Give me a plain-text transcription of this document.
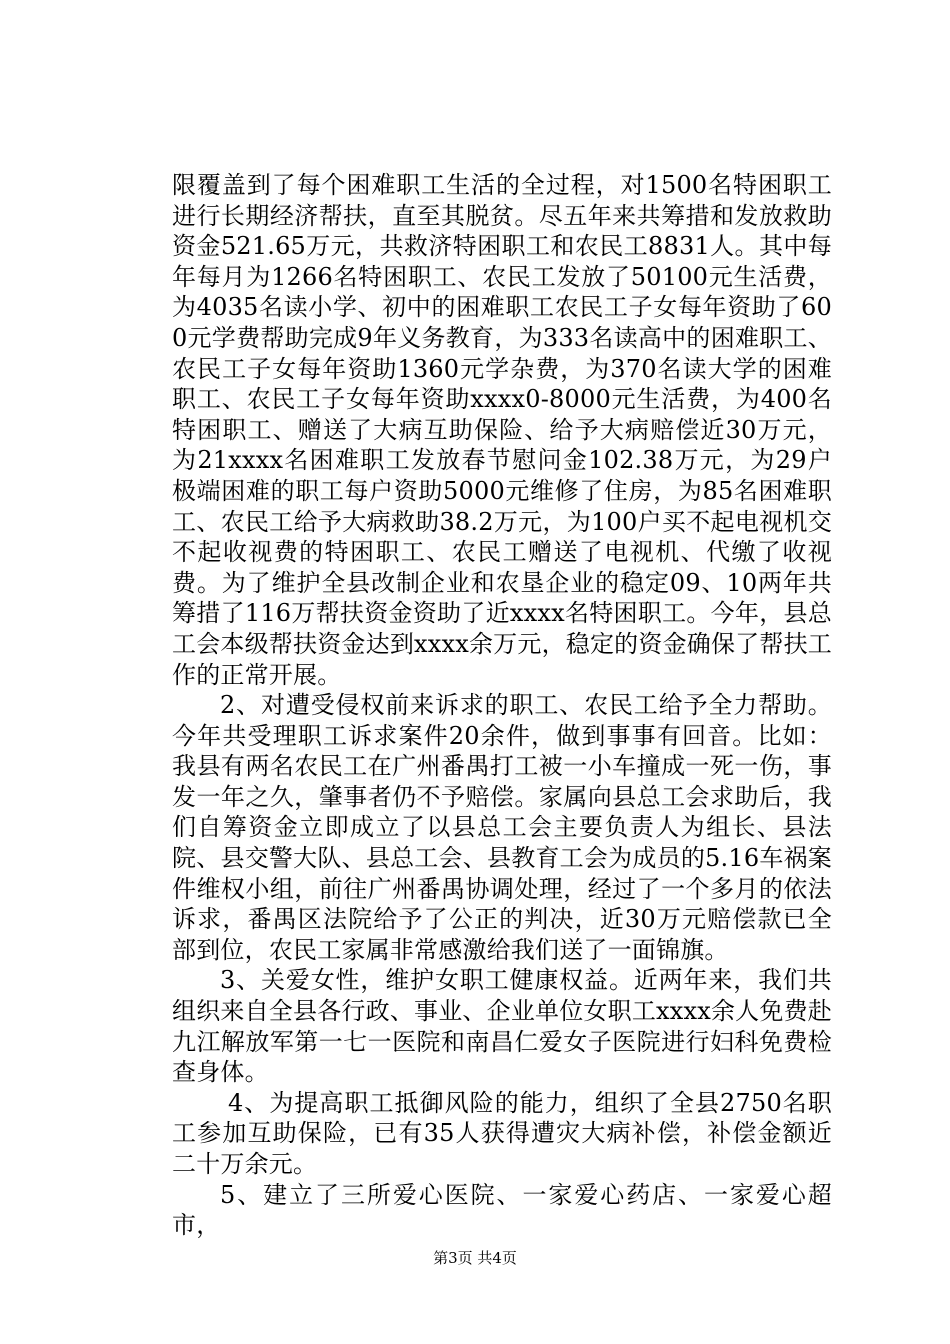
限覆盖到了每个困难职工生活的全过程，对1500名特困职工进行长期经济帮扶，直至其脱贫。尽五年来共筹措和发放救助资金521.65万元，共救济特困职工和农民工8831人。其中每年每月为1266名特困职工、农民工发放了50100元生活费，为4035名读小学、初中的困难职工农民工子女每年资助了600元学费帮助完成9年义务教育，为333名读高中的困难职工、农民工子女每年资助1360元学杂费，为370名读大学的困难职工、农民工子女每年资助xxxx0-8000元生活费，为400名特困职工、赠送了大病互助保险、给予大病赔偿近30万元，为21xxxx名困难职工发放春节慰问金102.38万元，为29户极端困难的职工每户资助5000元维修了住房，为85名困难职工、农民工给予大病救助38.2万元，为100户买不起电视机交不起收视费的特困职工、农民工赠送了电视机、代缴了收视费。为了维护全县改制企业和农垦企业的稳定09、10两年共筹措了116万帮扶资金资助了近xxxx名特困职工。今年，县总工会本级帮扶资金达到xxxx余万元，稳定的资金确保了帮扶工作的正常开展。

2、对遭受侵权前来诉求的职工、农民工给予全力帮助。今年共受理职工诉求案件20余件，做到事事有回音。比如：我县有两名农民工在广州番禺打工被一小车撞成一死一伤，事发一年之久，肇事者仍不予赔偿。家属向县总工会求助后，我们自筹资金立即成立了以县总工会主要负责人为组长、县法院、县交警大队、县总工会、县教育工会为成员的5.16车祸案件维权小组，前往广州番禺协调处理，经过了一个多月的依法诉求，番禺区法院给予了公正的判决，近30万元赔偿款已全部到位，农民工家属非常感激给我们送了一面锦旗。

3、关爱女性，维护女职工健康权益。近两年来，我们共组织来自全县各行政、事业、企业单位女职工xxxx余人免费赴九江解放军第一七一医院和南昌仁爱女子医院进行妇科免费检查身体。

4、为提高职工抵御风险的能力，组织了全县2750名职工参加互助保险，已有35人获得遭灾大病补偿，补偿金额近二十万余元。

5、建立了三所爱心医院、一家爱心药店、一家爱心超市，

第3页 共4页
